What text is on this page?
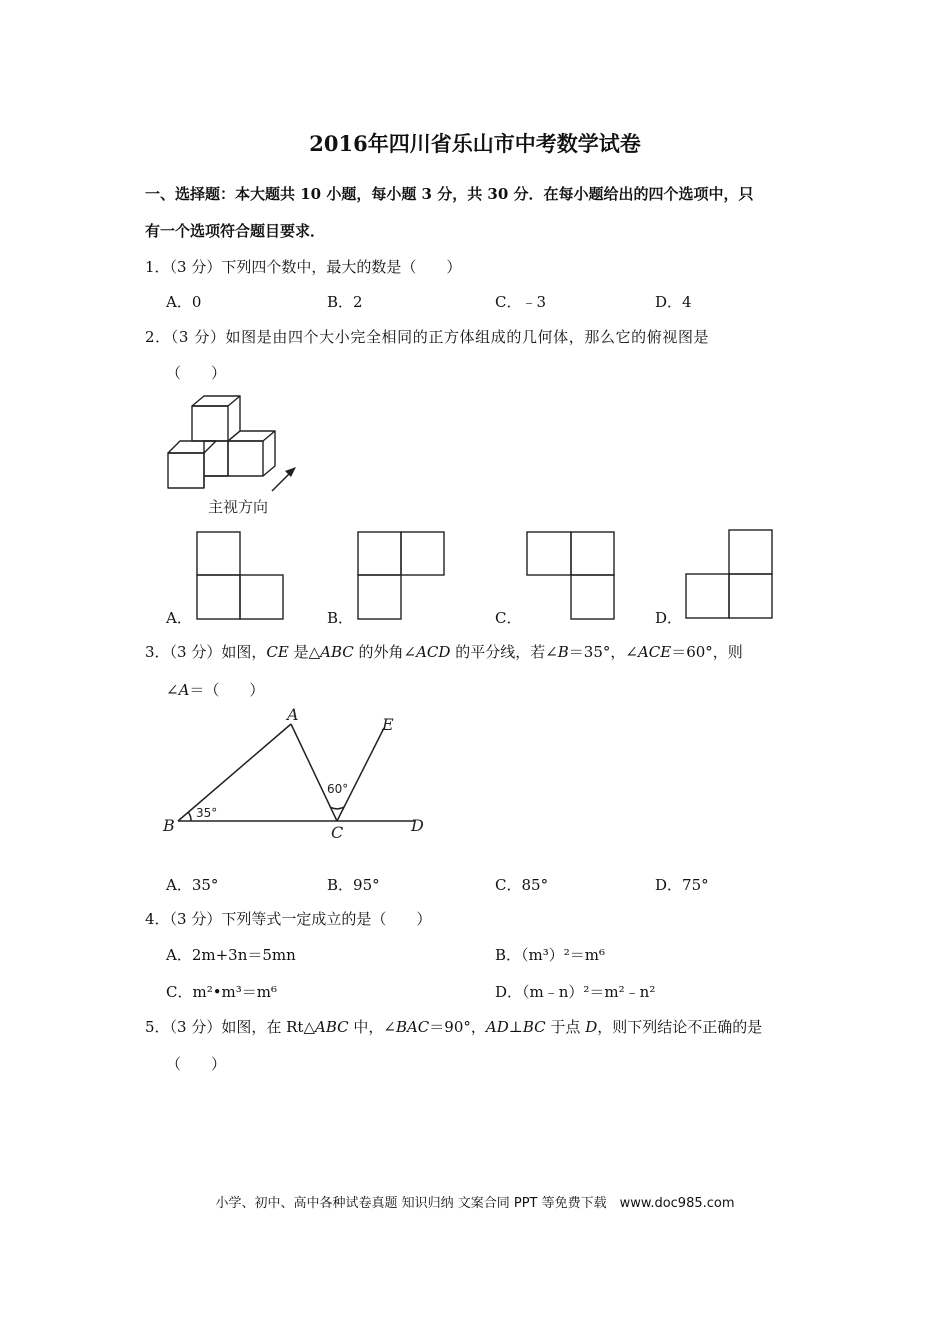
2016年四川省乐山市中考数学试卷
一、选择题：本大题共 10 小题，每小题 3 分，共 30 分．在每小题给出的四个选项中，只
有一个选项符合题目要求．
1．（3 分）下列四个数中，最大的数是（　　）
A．0	B．2	C．﹣3	D．4
2．（3 分）如图是由四个大小完全相同的正方体组成的几何体，那么它的俯视图是
（　　）
主视方向
A．	B．	C．	D．
3．（3 分）如图，CE 是△ABC 的外角∠ACD 的平分线，若∠B＝35°，∠ACE＝60°，则
∠A＝（　　）
A
B	C	D
E
35°
60°
A．35°	B．95°	C．85°	D．75°
4．（3 分）下列等式一定成立的是（　　）
A．2m+3n＝5mn	B．（m³）²＝m⁶
C．m²•m³＝m⁶	D．（m﹣n）²＝m²﹣n²
5．（3 分）如图，在 Rt△ABC 中，∠BAC＝90°，AD⊥BC 于点 D，则下列结论不正确的是
（　　）
小学、初中、高中各种试卷真题 知识归纳 文案合同 PPT 等免费下载　www.doc985.com
